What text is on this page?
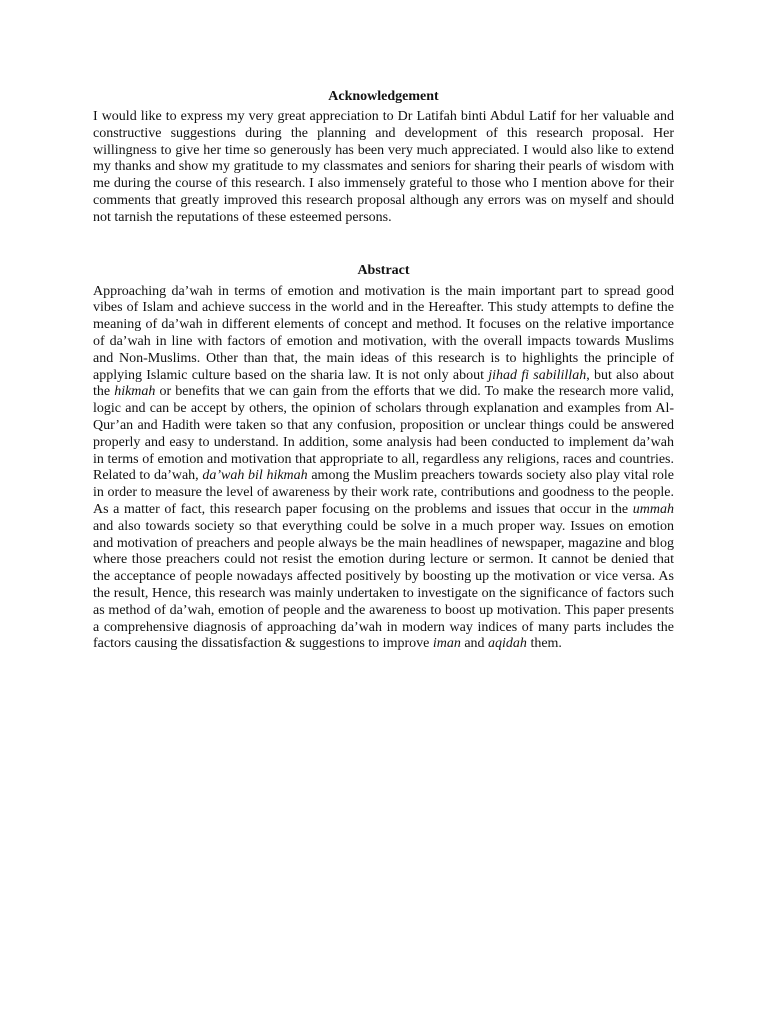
Acknowledgement

I would like to express my very great appreciation to Dr Latifah binti Abdul Latif for her valuable and constructive suggestions during the planning and development of this research proposal. Her willingness to give her time so generously has been very much appreciated. I would also like to extend my thanks and show my gratitude to my classmates and seniors for sharing their pearls of wisdom with me during the course of this research. I also immensely grateful to those who I mention above for their comments that greatly improved this research proposal although any errors was on myself and should not tarnish the reputations of these esteemed persons.

Abstract

Approaching da’wah in terms of emotion and motivation is the main important part to spread good vibes of Islam and achieve success in the world and in the Hereafter. This study attempts to define the meaning of da’wah in different elements of concept and method. It focuses on the relative importance of da’wah in line with factors of emotion and motivation, with the overall impacts towards Muslims and Non-Muslims. Other than that, the main ideas of this research is to highlights the principle of applying Islamic culture based on the sharia law. It is not only about jihad fi sabilillah, but also about the hikmah or benefits that we can gain from the efforts that we did. To make the research more valid, logic and can be accept by others, the opinion of scholars through explanation and examples from Al-Qur’an and Hadith were taken so that any confusion, proposition or unclear things could be answered properly and easy to understand. In addition, some analysis had been conducted to implement da’wah in terms of emotion and motivation that appropriate to all, regardless any religions, races and countries. Related to da’wah, da’wah bil hikmah among the Muslim preachers towards society also play vital role in order to measure the level of awareness by their work rate, contributions and goodness to the people. As a matter of fact, this research paper focusing on the problems and issues that occur in the ummah and also towards society so that everything could be solve in a much proper way. Issues on emotion and motivation of preachers and people always be the main headlines of newspaper, magazine and blog where those preachers could not resist the emotion during lecture or sermon. It cannot be denied that the acceptance of people nowadays affected positively by boosting up the motivation or vice versa. As the result, Hence, this research was mainly undertaken to investigate on the significance of factors such as method of da’wah, emotion of people and the awareness to boost up motivation. This paper presents a comprehensive diagnosis of approaching da’wah in modern way indices of many parts includes the factors causing the dissatisfaction & suggestions to improve iman and aqidah them.
